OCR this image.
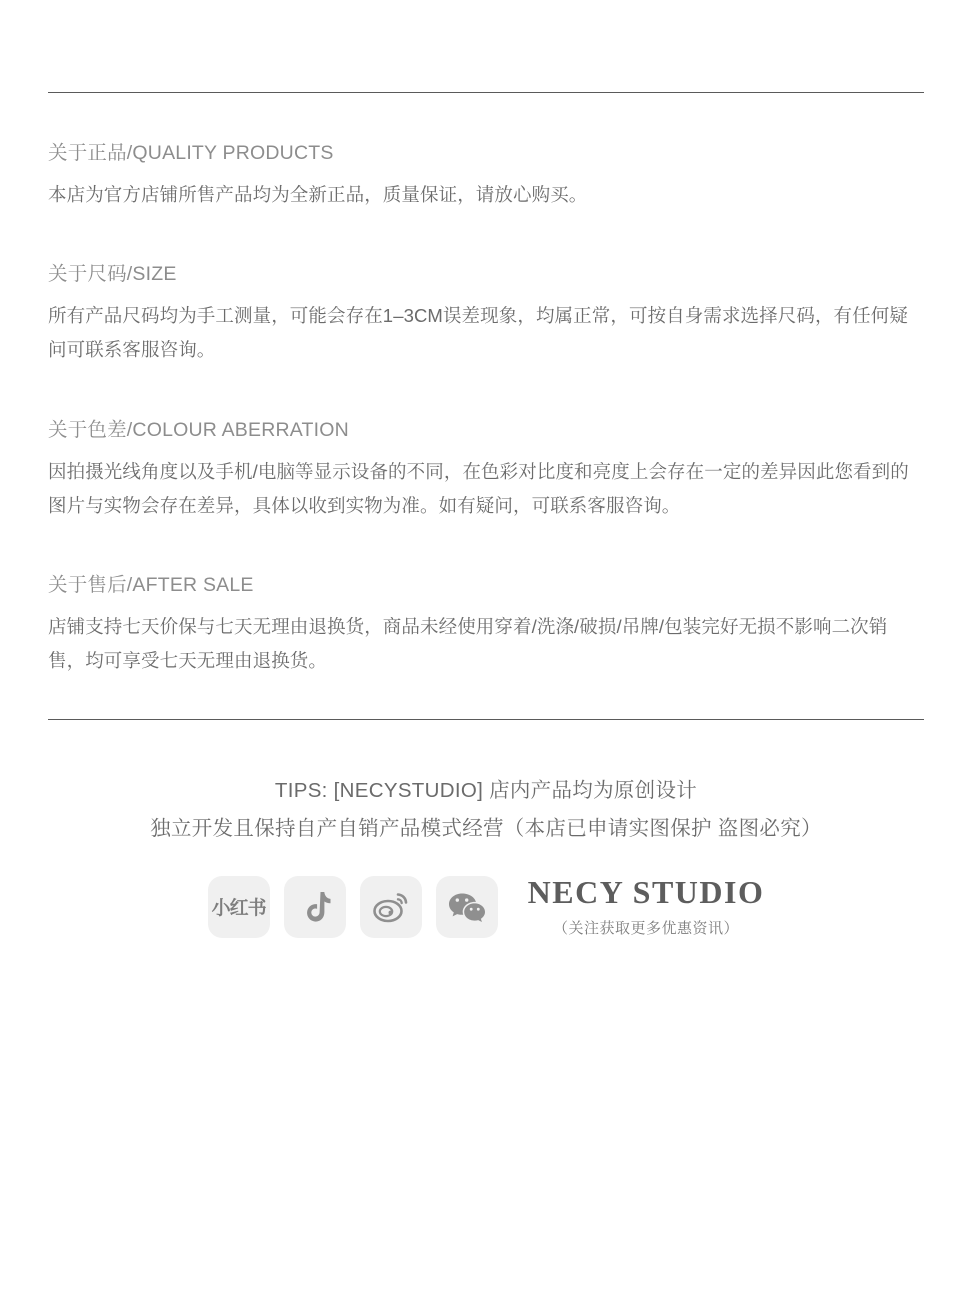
关于正品/QUALITY PRODUCTS

本店为官方店铺所售产品均为全新正品，质量保证，请放心购买。

关于尺码/SIZE

所有产品尺码均为手工测量，可能会存在1–3CM误差现象，均属正常，可按自身需求选择尺码，有任何疑问可联系客服咨询。

关于色差/COLOUR ABERRATION

因拍摄光线角度以及手机/电脑等显示设备的不同，在色彩对比度和亮度上会存在一定的差异因此您看到的图片与实物会存在差异，具体以收到实物为准。如有疑问，可联系客服咨询。

关于售后/AFTER SALE

店铺支持七天价保与七天无理由退换货，商品未经使用穿着/洗涤/破损/吊牌/包装完好无损不影响二次销售，均可享受七天无理由退换货。

TIPS: [NECYSTUDIO] 店内产品均为原创设计
独立开发且保持自产自销产品模式经营（本店已申请实图保护 盗图必究）
小红书	NECY STUDIO
（关注获取更多优惠资讯）
